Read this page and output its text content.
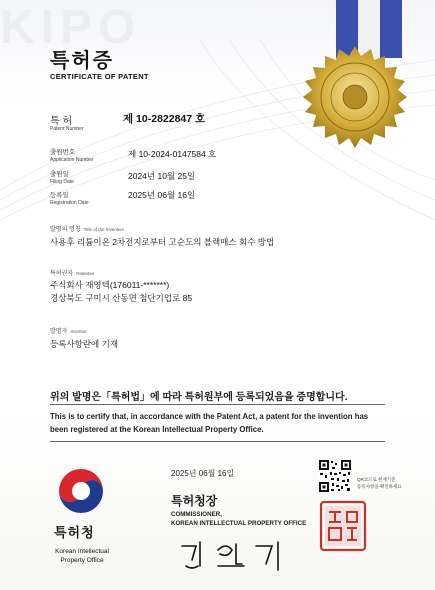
KIPO
특허증
CERTIFICATE OF PATENT
특 허
Patent Number
제 10-2822847 호
출원번호
Application Number
제 10-2024-0147584 호
출원일
Filing Date
2024년 10월 25일
등록일
Registration Date
2025년 06월 16일
발명의 명칭 Title of the Invention
사용후 리튬이온 2차전지로부터 고순도의 블랙매스 회수 방법
특허권자 Patentee
주식회사 재영텍(176011-*******)
경상북도 구미시 산동면 첨단기업로 85
발명자 Inventor
등록사항란에 기재
위의 발명은「특허법」에 따라 특허원부에 등록되었음을 증명합니다.
This is to certify that, in accordance with the Patent Act, a patent for the invention has been registered at the Korean Intellectual Property Office.
2025년 06월 16일
특허청
Korean Intellectual
Property Office
특허청장
COMMISSIONER,
KOREAN INTELLECTUAL PROPERTY OFFICE
QR코드로 현재기준
등록사항을 확인하세요
